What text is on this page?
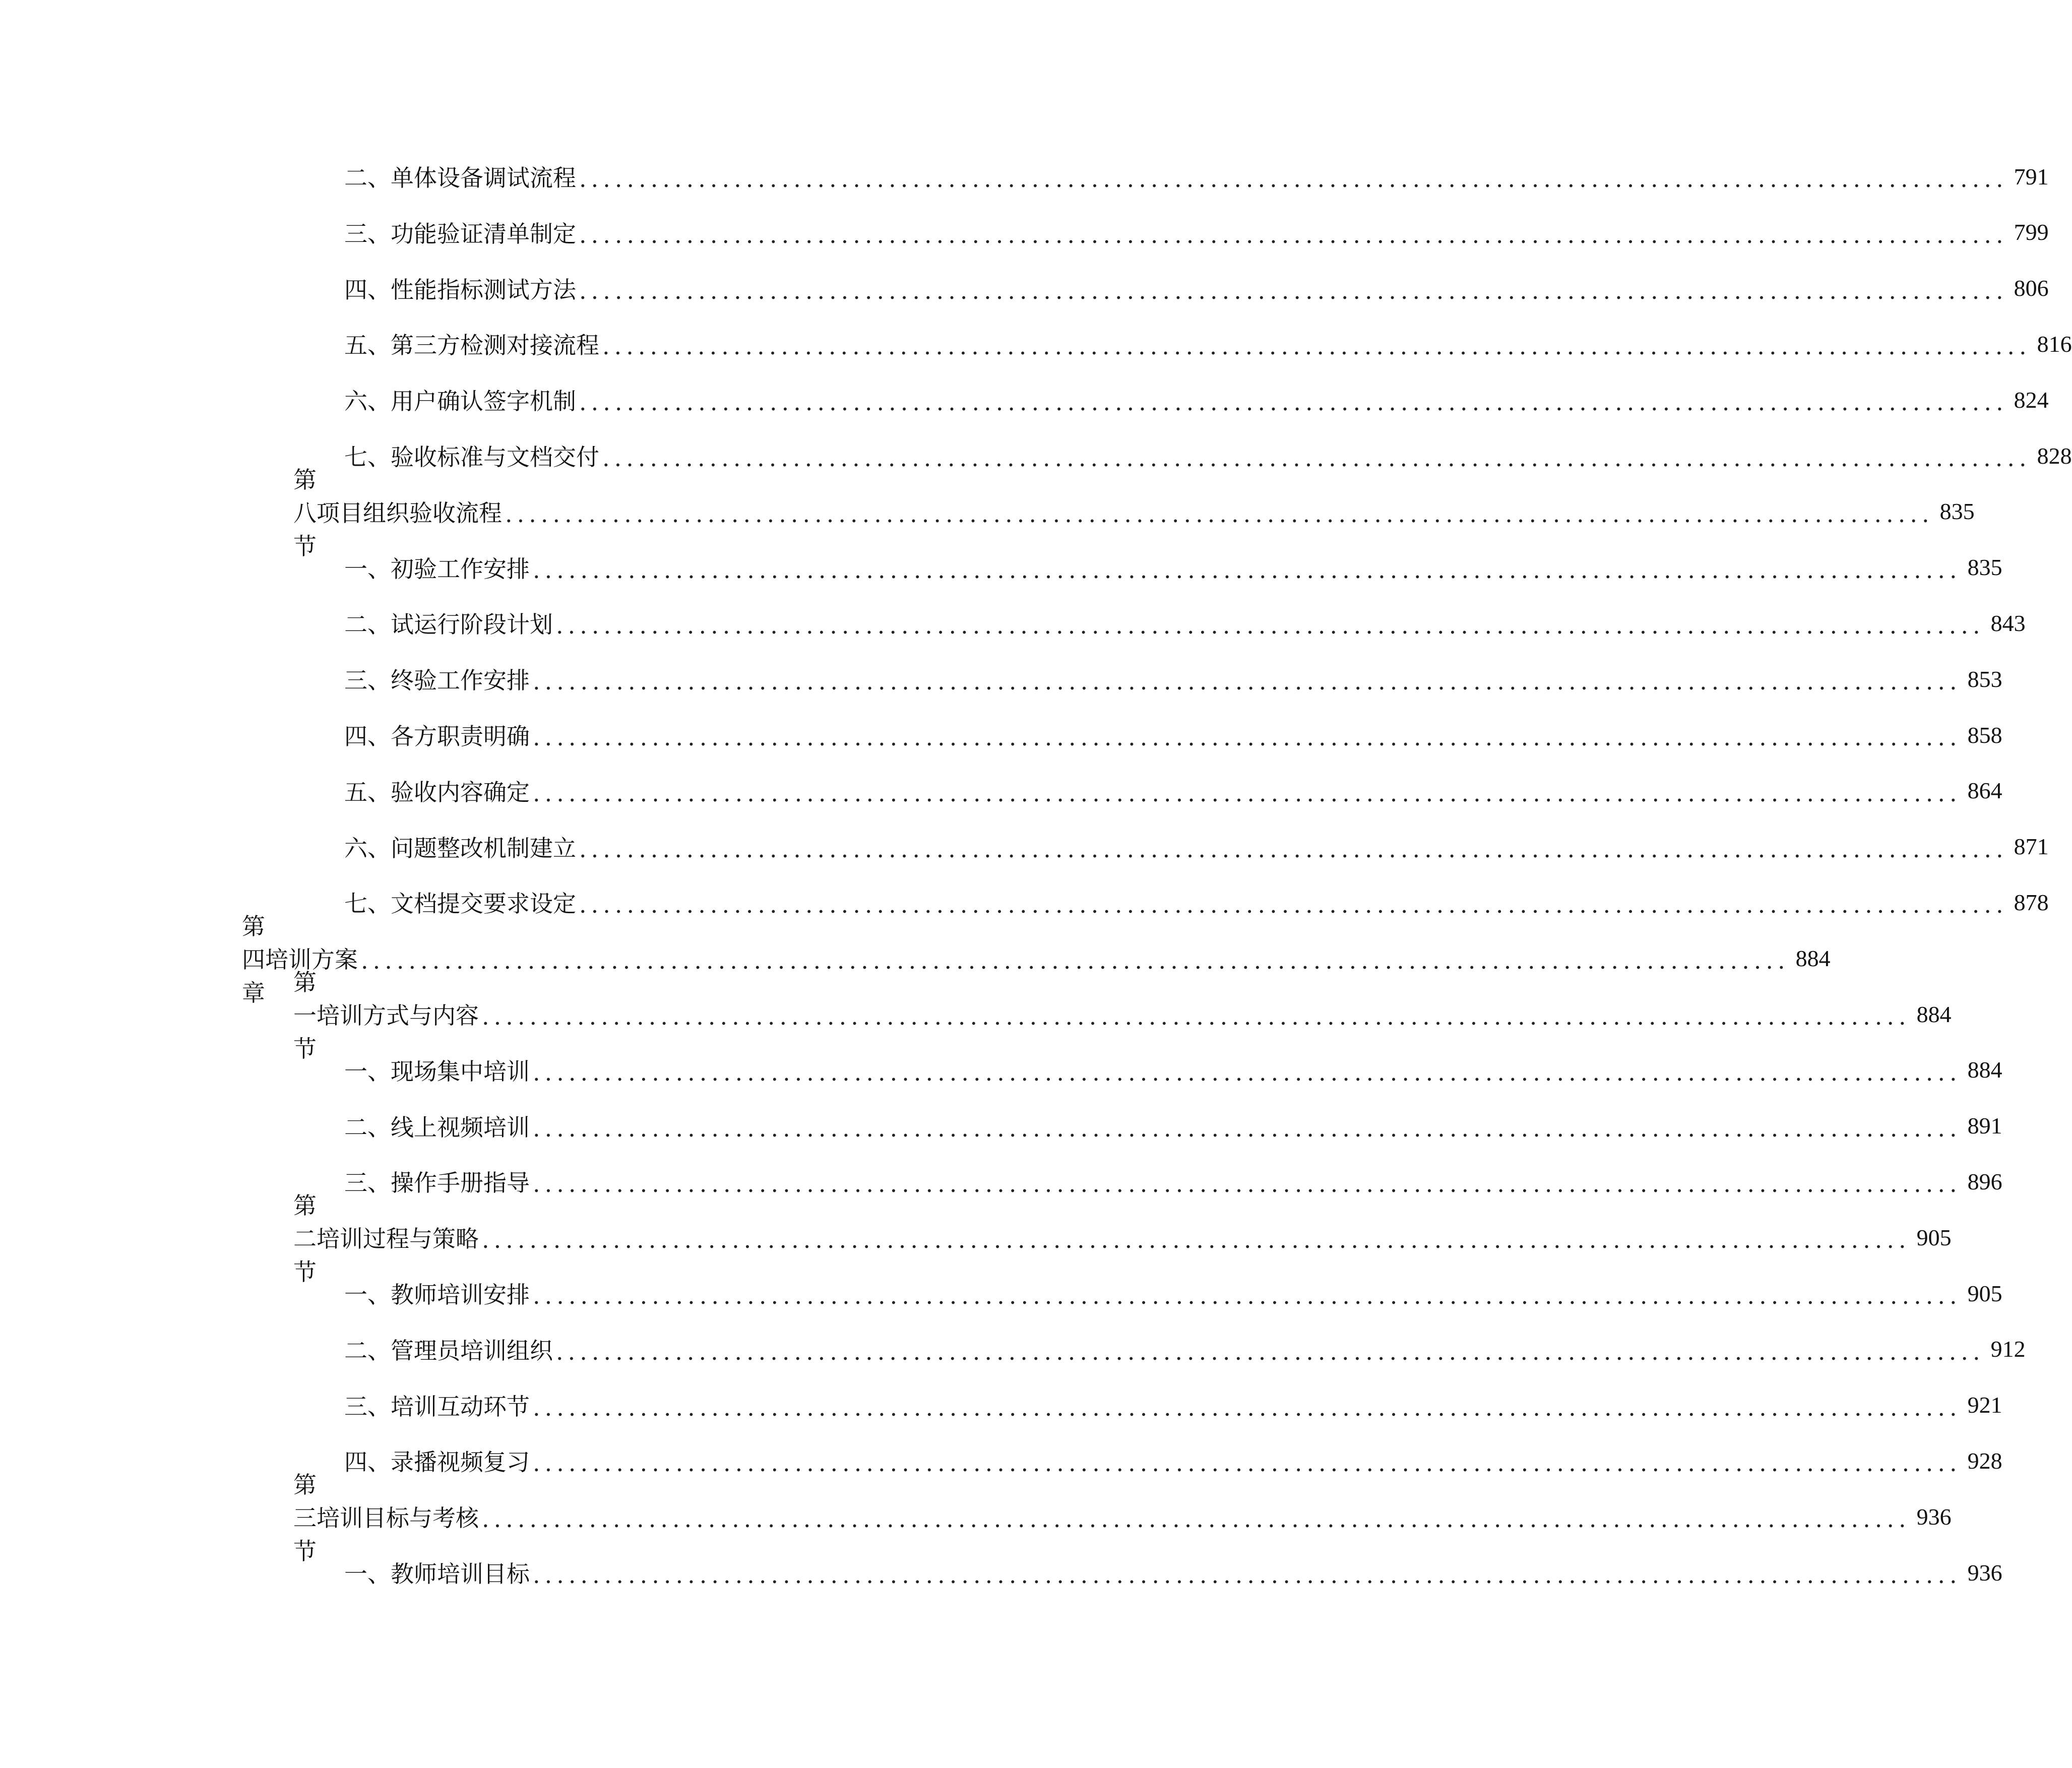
二、 单体设备调试流程 ........................................................................................................................ 791
三、 功能验证清单制定 ........................................................................................................................ 799
四、 性能指标测试方法 ........................................................................................................................ 806
五、 第三方检测对接流程 ........................................................................................................................ 816
六、 用户确认签字机制 ........................................................................................................................ 824
七、 验收标准与文档交付 ........................................................................................................................ 828
第八节
项目组织验收流程 ........................................................................................................................ 835
一、 初验工作安排 ........................................................................................................................ 835
二、 试运行阶段计划 ........................................................................................................................ 843
三、 终验工作安排 ........................................................................................................................ 853
四、 各方职责明确 ........................................................................................................................ 858
五、 验收内容确定 ........................................................................................................................ 864
六、 问题整改机制建立 ........................................................................................................................ 871
七、 文档提交要求设定 ........................................................................................................................ 878
第四章
培训方案 ........................................................................................................................ 884
第一节
培训方式与内容 ........................................................................................................................ 884
一、 现场集中培训 ........................................................................................................................ 884
二、 线上视频培训 ........................................................................................................................ 891
三、 操作手册指导 ........................................................................................................................ 896
第二节
培训过程与策略 ........................................................................................................................ 905
一、 教师培训安排 ........................................................................................................................ 905
二、 管理员培训组织 ........................................................................................................................ 912
三、 培训互动环节 ........................................................................................................................ 921
四、 录播视频复习 ........................................................................................................................ 928
第三节
培训目标与考核 ........................................................................................................................ 936
一、 教师培训目标 ........................................................................................................................ 936
